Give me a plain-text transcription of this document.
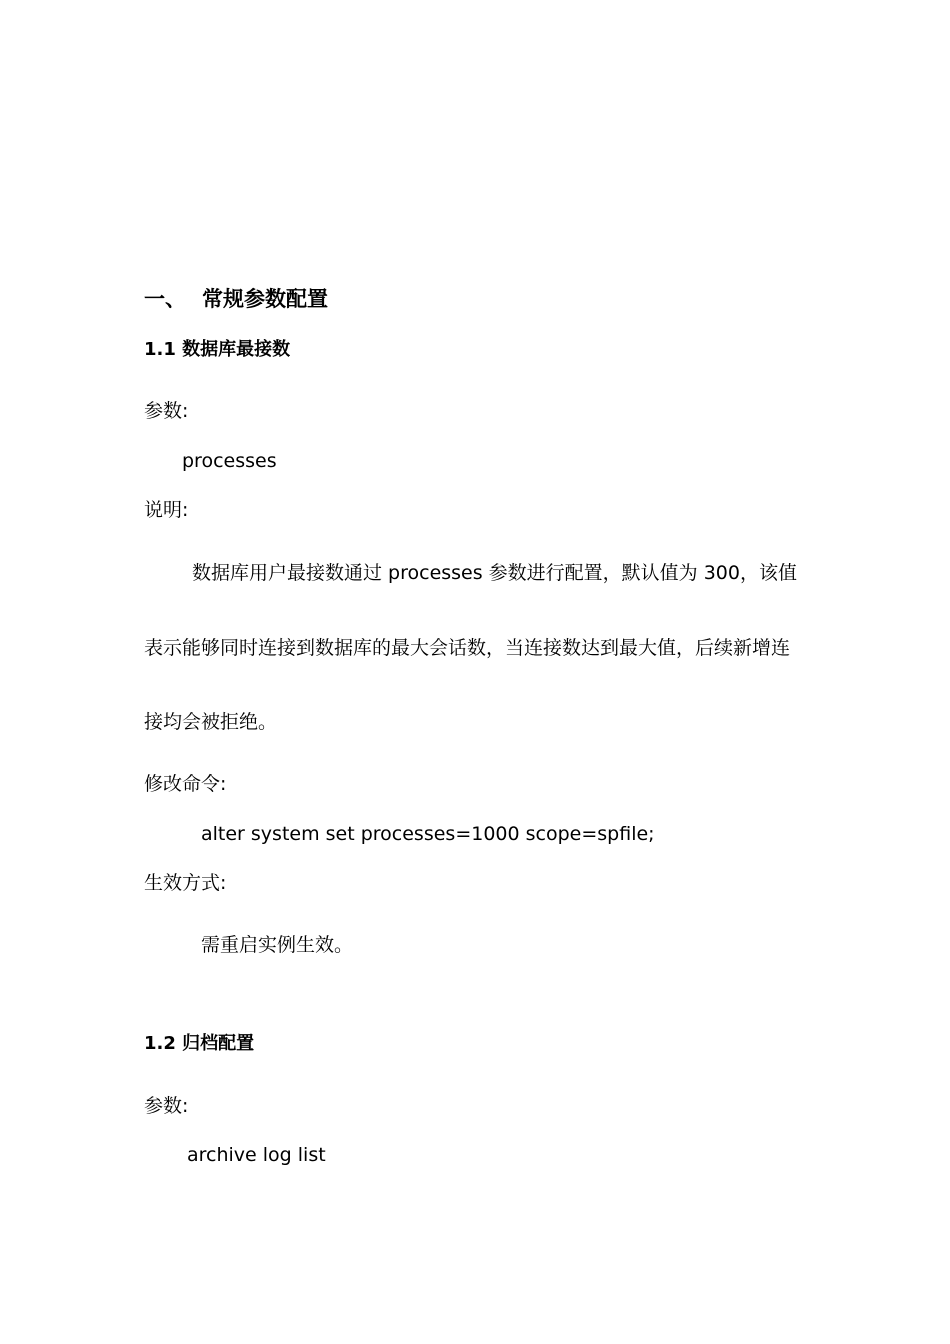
一、 常规参数配置
1.1 数据库最接数
参数:
processes
说明:
数据库用户最接数通过 processes 参数进行配置，默认值为 300，该值
表示能够同时连接到数据库的最大会话数，当连接数达到最大值，后续新增连
接均会被拒绝。
修改命令:
alter system set processes=1000 scope=spfile;
生效方式:
需重启实例生效。
1.2 归档配置
参数:
archive log list
